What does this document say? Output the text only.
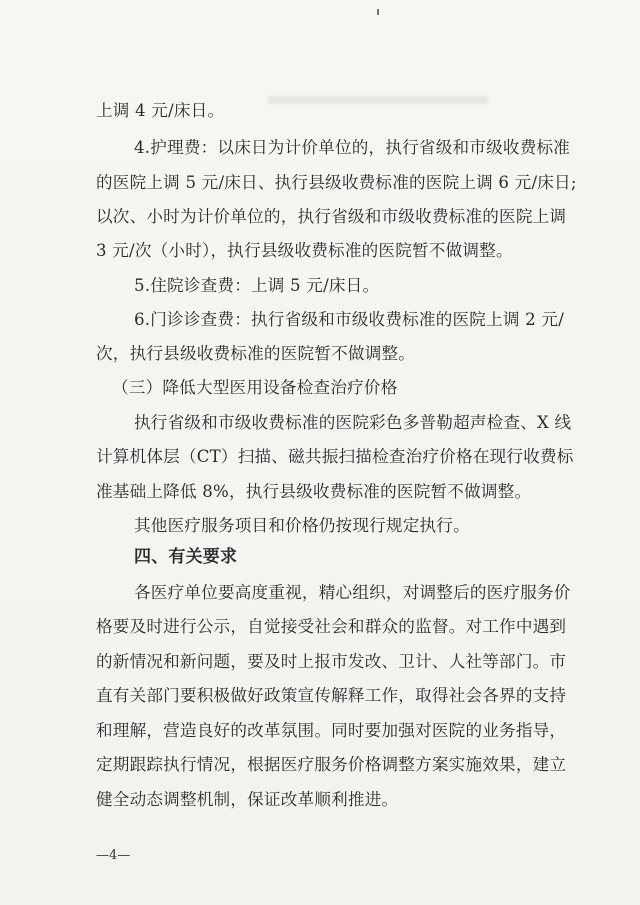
上调 4 元/床日。
4.护理费：以床日为计价单位的，执行省级和市级收费标准
的医院上调 5 元/床日、执行县级收费标准的医院上调 6 元/床日;
以次、小时为计价单位的，执行省级和市级收费标准的医院上调
3 元/次（小时），执行县级收费标准的医院暂不做调整。
5.住院诊查费：上调 5 元/床日。
6.门诊诊查费：执行省级和市级收费标准的医院上调 2 元/
次，执行县级收费标准的医院暂不做调整。
（三）降低大型医用设备检查治疗价格
执行省级和市级收费标准的医院彩色多普勒超声检查、X 线
计算机体层（CT）扫描、磁共振扫描检查治疗价格在现行收费标
准基础上降低 8%，执行县级收费标准的医院暂不做调整。
其他医疗服务项目和价格仍按现行规定执行。
四、有关要求
各医疗单位要高度重视，精心组织，对调整后的医疗服务价
格要及时进行公示，自觉接受社会和群众的监督。对工作中遇到
的新情况和新问题，要及时上报市发改、卫计、人社等部门。市
直有关部门要积极做好政策宣传解释工作，取得社会各界的支持
和理解，营造良好的改革氛围。同时要加强对医院的业务指导，
定期跟踪执行情况，根据医疗服务价格调整方案实施效果，建立
健全动态调整机制，保证改革顺利推进。
—4—
